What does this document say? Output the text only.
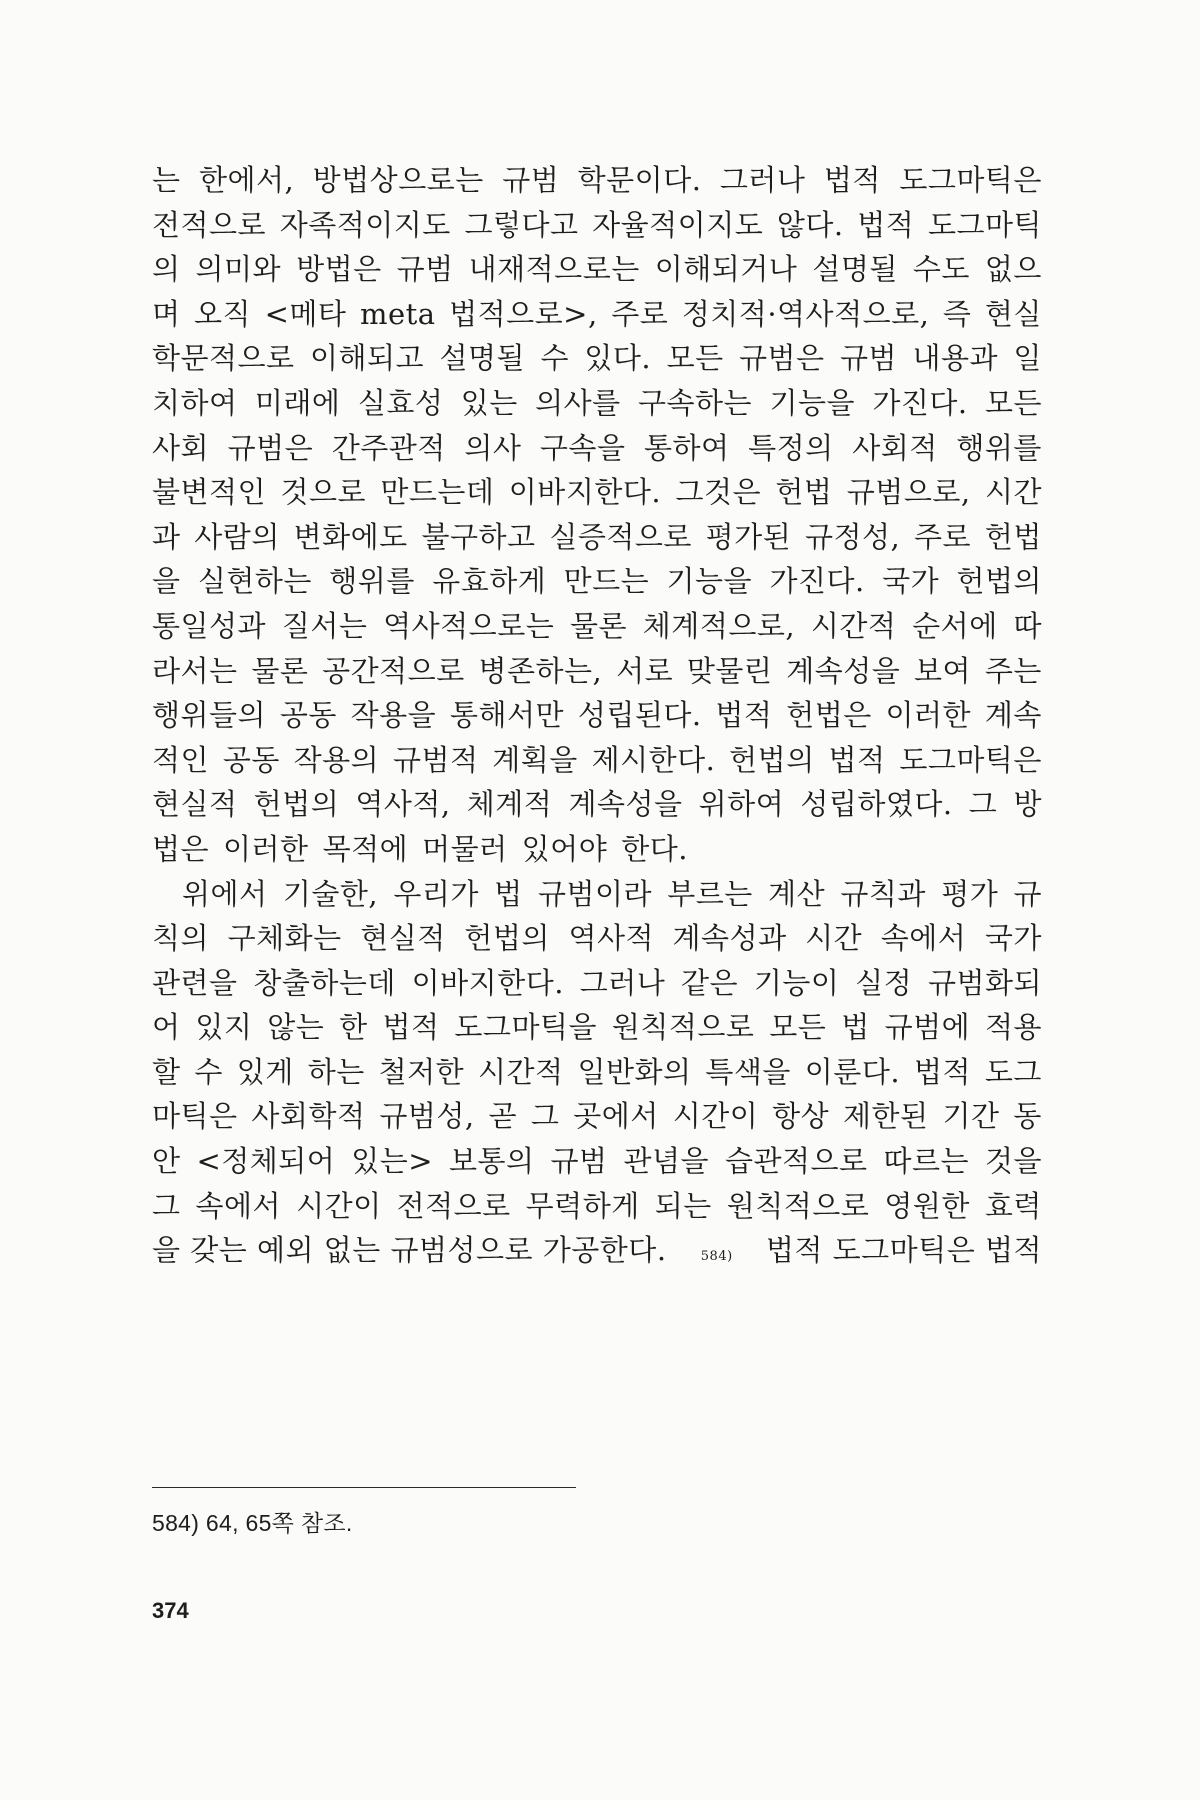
는 한에서, 방법상으로는 규범 학문이다. 그러나 법적 도그마틱은
전적으로 자족적이지도 그렇다고 자율적이지도 않다. 법적 도그마틱
의 의미와 방법은 규범 내재적으로는 이해되거나 설명될 수도 없으
며 오직 <메타 meta 법적으로>, 주로 정치적·역사적으로, 즉 현실
학문적으로 이해되고 설명될 수 있다. 모든 규범은 규범 내용과 일
치하여 미래에 실효성 있는 의사를 구속하는 기능을 가진다. 모든
사회 규범은 간주관적 의사 구속을 통하여 특정의 사회적 행위를
불변적인 것으로 만드는데 이바지한다. 그것은 헌법 규범으로, 시간
과 사람의 변화에도 불구하고 실증적으로 평가된 규정성, 주로 헌법
을 실현하는 행위를 유효하게 만드는 기능을 가진다. 국가 헌법의
통일성과 질서는 역사적으로는 물론 체계적으로, 시간적 순서에 따
라서는 물론 공간적으로 병존하는, 서로 맞물린 계속성을 보여 주는
행위들의 공동 작용을 통해서만 성립된다. 법적 헌법은 이러한 계속
적인 공동 작용의 규범적 계획을 제시한다. 헌법의 법적 도그마틱은
현실적 헌법의 역사적, 체계적 계속성을 위하여 성립하였다. 그 방
법은 이러한 목적에 머물러 있어야 한다.
위에서 기술한, 우리가 법 규범이라 부르는 계산 규칙과 평가 규
칙의 구체화는 현실적 헌법의 역사적 계속성과 시간 속에서 국가
관련을 창출하는데 이바지한다. 그러나 같은 기능이 실정 규범화되
어 있지 않는 한 법적 도그마틱을 원칙적으로 모든 법 규범에 적용
할 수 있게 하는 철저한 시간적 일반화의 특색을 이룬다. 법적 도그
마틱은 사회학적 규범성, 곧 그 곳에서 시간이 항상 제한된 기간 동
안 <정체되어 있는> 보통의 규범 관념을 습관적으로 따르는 것을
그 속에서 시간이 전적으로 무력하게 되는 원칙적으로 영원한 효력
을 갖는 예외 없는 규범성으로 가공한다.	584) 법적 도그마틱은 법적
584) 64, 65쪽 참조.
374
